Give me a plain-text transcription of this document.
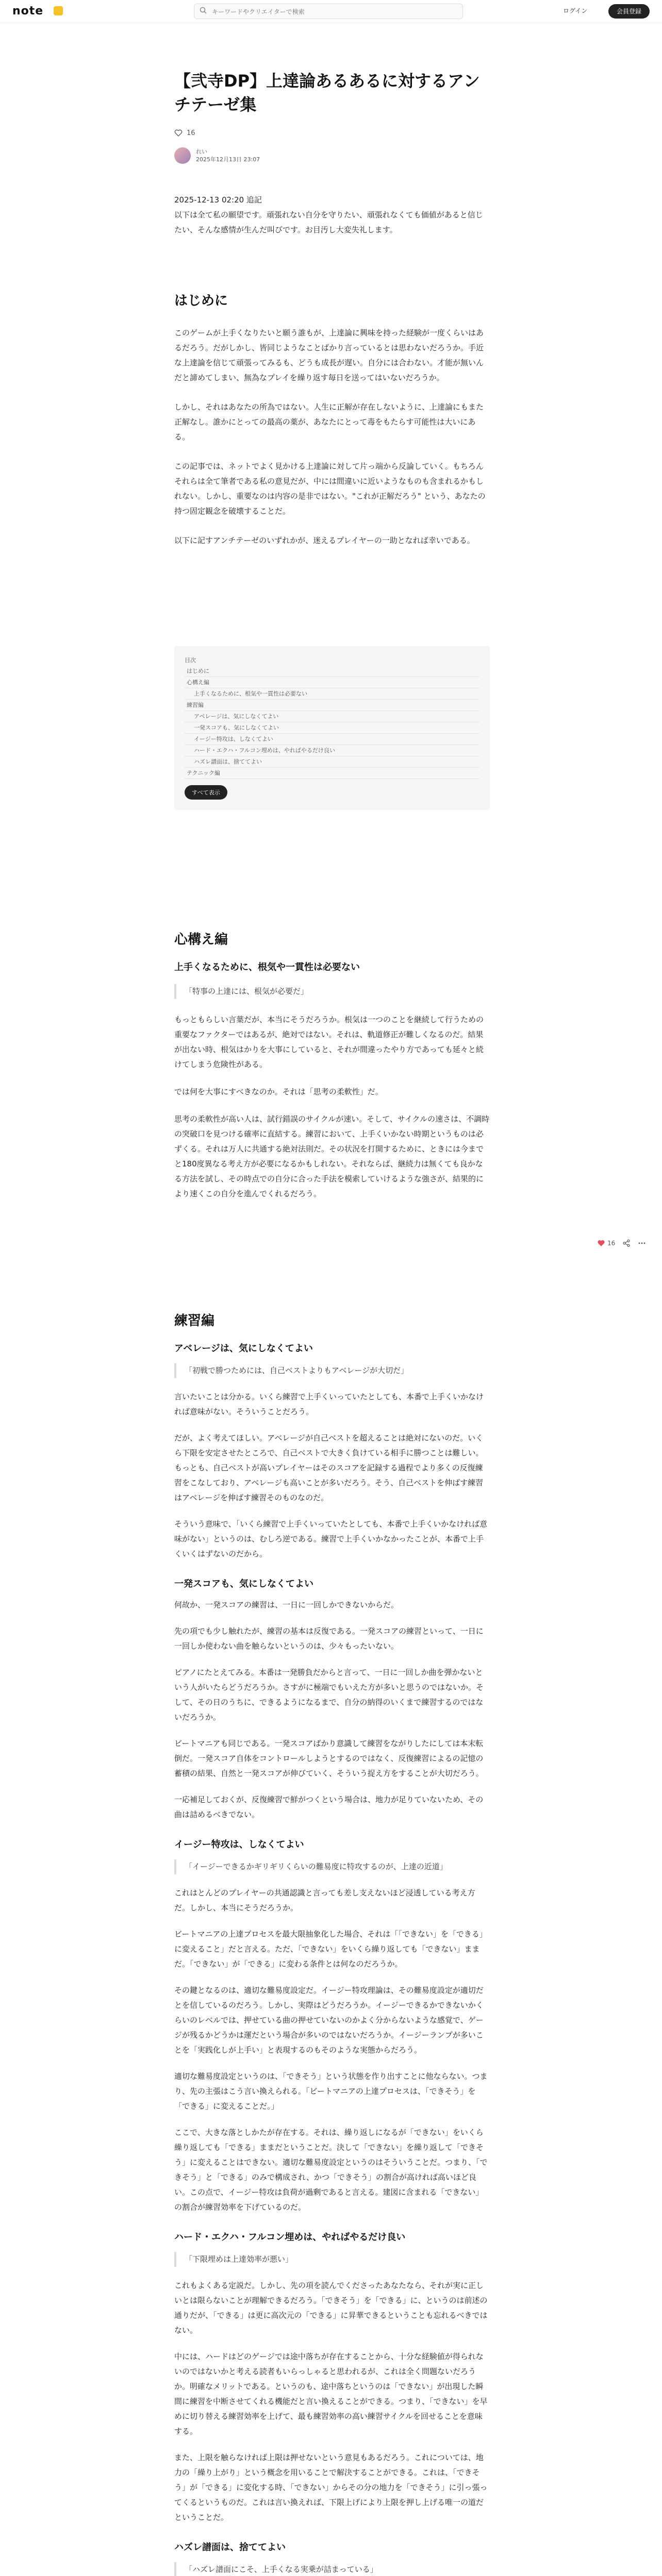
note
キーワードやクリエイターで検索	ログイン	会員登録
【弐寺DP】上達論あるあるに対するアンチテーゼ集
16
れい
2025年12月13日 23:07
2025-12-13 02:20 追記

以下は全て私の願望です。頑張れない自分を守りたい、頑張れなくても価値があると信じたい、そんな感情が生んだ叫びです。お目汚し大変失礼します。

はじめに

このゲームが上手くなりたいと願う誰もが、上達論に興味を持った経験が一度くらいはあるだろう。だがしかし、皆同じようなことばかり言っているとは思わないだろうか。手近な上達論を信じて頑張ってみるも、どうも成長が遅い。自分には合わない。才能が無いんだと諦めてしまい、無為なプレイを繰り返す毎日を送ってはいないだろうか。

しかし、それはあなたの所為ではない。人生に正解が存在しないように、上達論にもまた正解なし。誰かにとっての最高の薬が、あなたにとって毒をもたらす可能性は大いにある。

この記事では、ネットでよく見かける上達論に対して片っ端から反論していく。もちろんそれらは全て筆者である私の意見だが、中には間違いに近いようなものも含まれるかもしれない。しかし、重要なのは内容の是非ではない。"これが正解だろう" という、あなたの持つ固定観念を破壊することだ。

以下に記すアンチテーゼのいずれかが、迷えるプレイヤーの一助となれば幸いである。

目次
はじめに
心構え編
上手くなるために、根気や一貫性は必要ない
練習編
アベレージは、気にしなくてよい
一発スコアも、気にしなくてよい
イージー特攻は、しなくてよい
ハード・エクハ・フルコン埋めは、やればやるだけ良い
ハズレ譜面は、捨ててよい
テクニック編
すべて表示
心構え編
上手くなるために、根気や一貫性は必要ない
「特事の上達には、根気が必要だ」

もっともらしい言葉だが、本当にそうだろうか。根気は一つのことを継続して行うための重要なファクターではあるが、絶対ではない。それは、軌道修正が難しくなるのだ。結果が出ない時、根気はかりを大事にしていると、それが間違ったやり方であっても延々と続けてしまう危険性がある。

では何を大事にすべきなのか。それは「思考の柔軟性」だ。

思考の柔軟性が高い人は、試行錯誤のサイクルが速い。そして、サイクルの速さは、不調時の突破口を見つける確率に直結する。練習において、上手くいかない時期というものは必ずくる。それは万人に共通する絶対法則だ。その状況を打開するために、ときには今までと180度異なる考え方が必要になるかもしれない。それならば、継続力は無くても良かなる方法を試し、その時点での自分に合った手法を模索していけるような強さが、結果的により速くこの自分を進んでくれるだろう。

練習編
アベレージは、気にしなくてよい
「初戦で勝つためには、自己ベストよりもアベレージが大切だ」

言いたいことは分かる。いくら練習で上手くいっていたとしても、本番で上手くいかなければ意味がない。そういうことだろう。

だが、よく考えてほしい。アベレージが自己ベストを超えることは絶対にないのだ。いくら下限を安定させたところで、自己ベストで大きく負けている相手に勝つことは難しい。もっとも、自己ベストが高いプレイヤーはそのスコアを記録する過程でより多くの反復練習をこなしており、アベレージも高いことが多いだろう。そう、自己ベストを伸ばす練習はアベレージを伸ばす練習そのものなのだ。

そういう意味で、「いくら練習で上手くいっていたとしても、本番で上手くいかなければ意味がない」というのは、むしろ逆である。練習で上手くいかなかったことが、本番で上手くいくはずないのだから。

一発スコアも、気にしなくてよい

何故か、一発スコアの練習は、一日に一回しかできないからだ。

先の項でも少し触れたが、練習の基本は反復である。一発スコアの練習といって、一日に一回しか使わない曲を触らないというのは、少々もったいない。

ピアノにたとえてみる。本番は一発勝負だからと言って、一日に一回しか曲を弾かないという人がいたらどうだろうか。さすがに極端でもいえた方が多いと思うのではないか。そして、その日のうちに、できるようになるまで、自分の納得のいくまで練習するのではないだろうか。

ビートマニアも同じである。一発スコアばかり意識して練習をながりしたにしては本末転倒だ。一発スコア自体をコントロールしようとするのではなく、反復練習によるの記憶の蓄積の結果、自然と一発スコアが伸びていく、そういう捉え方をすることが大切だろう。

一応補足しておくが、反復練習で鮮がつくという場合は、地力が足りていないため、その曲は詰めるべきでない。

イージー特攻は、しなくてよい
「イージーできるかギリギリくらいの難易度に特攻するのが、上達の近道」

これはとんどのプレイヤーの共通認識と言っても差し支えないほど浸透している考え方だ。しかし、本当にそうだろうか。

ビートマニアの上達プロセスを最大限抽象化した場合、それは「「できない」を「できる」に変えること」だと言える。ただ、「できない」をいくら繰り返しても「できない」ままだ。「できない」が「できる」に変わる条件とは何なのだろうか。

その鍵となるのは、適切な難易度設定だ。イージー特攻理論は、その難易度設定が適切だとを信しているのだろう。しかし、実際はどうだろうか。イージーできるかできないかくらいのレベルでは、押せている曲の押せていないのかよく分からないような感覚で、ゲージが残るかどうかは運だという場合が多いのではないだろうか。イージーランプが多いことを「実践化しが上手い」と表現するのもそのような実態からだろう。

適切な難易度設定というのは、「できそう」という状態を作り出すことに他ならない。つまり、先の主張はこう言い換えられる。「ビートマニアの上達プロセスは、「できそう」を「できる」に変えることだ。」

ここで、大きな落としかたが存在する。それは、繰り返しになるが「できない」をいくら繰り返しても「できる」ままだということだ。決して「できない」を繰り返して「できそう」に変えることはできない。適切な難易度設定というのはそういうことだ。つまり、「できそう」と「できる」のみで構成され、かつ「できそう」の割合が高ければ高いほど良い。この点で、イージー特攻は負荷が過剰であると言える。建図に含まれる「できない」の割合が練習効率を下げているのだ。

ハード・エクハ・フルコン埋めは、やればやるだけ良い
「下限埋めは上達効率が悪い」

これもよくある定説だ。しかし、先の項を読んでくださったあなたなら、それが実に正しいとは限らないことが理解できるだろう。「できそう」を「できる」に、というのは前述の通りだが、「できる」は更に高次元の「できる」に昇華できるということも忘れるべきではない。

中には、ハードはどのゲージでは途中落ちが存在することから、十分な経験値が得られないのではないかと考える読者もいらっしゃると思われるが、これは全く問題ないだろうか。明確なメリットである。というのも、途中落ちというのは「できない」が出現した瞬間に練習を中断させてくれる機能だと言い換えることができる。つまり、「できない」を早めに切り替える練習効率を上げて、最も練習効率の高い練習サイクルを回せることを意味する。

また、上限を触らなければ上限は押せないという意見もあるだろう。これについては、地力の「繰り上がり」という概念を用いることで解決することができる。これは、「できそう」が「できる」に変化する時、「できない」からその分の地力を「できそう」に引っ張ってくるというものだ。これは言い換えれば、下限上げにより上限を押し上げる唯一の道だということだ。

ハズレ譜面は、捨ててよい
「ハズレ譜面にこそ、上手くなる実乗が詰まっている」
16
